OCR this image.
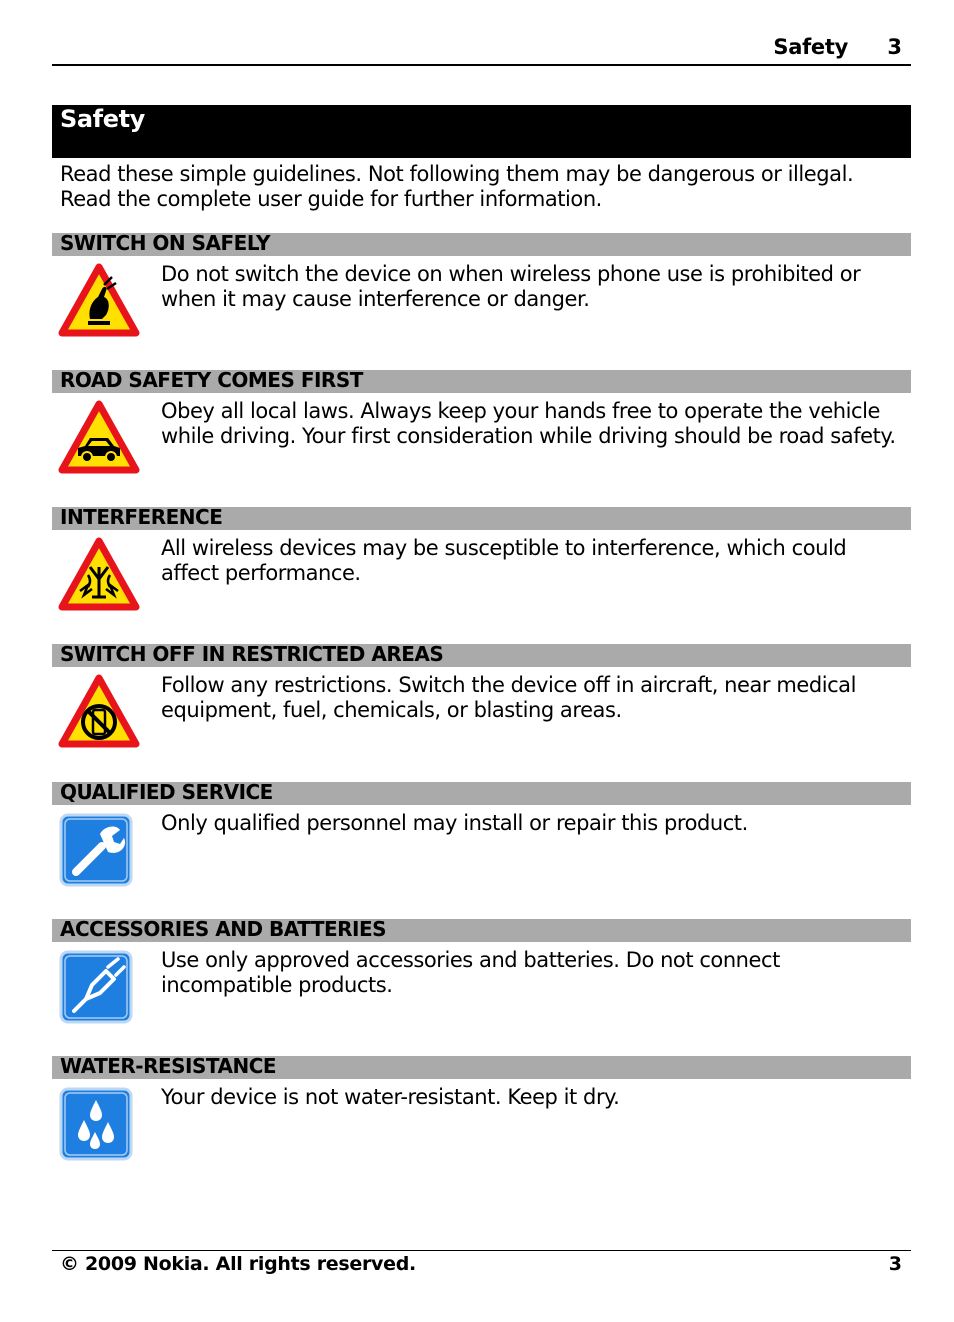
Safety 3
Safety
Read these simple guidelines. Not following them may be dangerous or illegal. Read the complete user guide for further information.
SWITCH ON SAFELY
Do not switch the device on when wireless phone use is prohibited or when it may cause interference or danger.
ROAD SAFETY COMES FIRST
Obey all local laws. Always keep your hands free to operate the vehicle while driving. Your first consideration while driving should be road safety.
INTERFERENCE
All wireless devices may be susceptible to interference, which could affect performance.
SWITCH OFF IN RESTRICTED AREAS
Follow any restrictions. Switch the device off in aircraft, near medical equipment, fuel, chemicals, or blasting areas.
QUALIFIED SERVICE
Only qualified personnel may install or repair this product.
ACCESSORIES AND BATTERIES
Use only approved accessories and batteries. Do not connect incompatible products.
WATER-RESISTANCE
Your device is not water-resistant. Keep it dry.
© 2009 Nokia. All rights reserved.	3
